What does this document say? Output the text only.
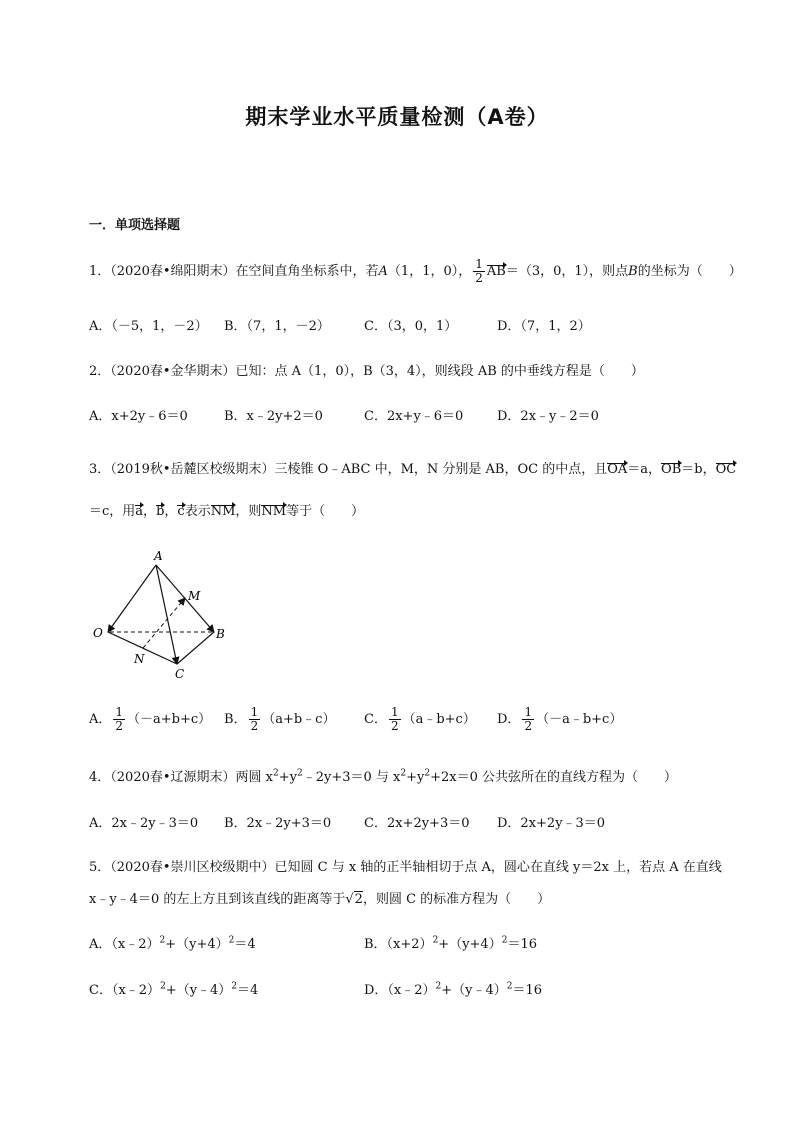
期末学业水平质量检测（A卷）
一．单项选择题
1．（2020春•绵阳期末）在空间直角坐标系中，若A（1，1，0）， $\frac{1}{2} AB=(3$，0，1），则点B的坐标为（　　）
A．（－5，1，－2） B．（7，1，－2）	C．（3，0，1）	D．（7，1，2）
2．（2020春•金华期末）已知：点 A（1，0），B（3，4），则线段 AB 的中垂线方程是（　　）
A．x+2y﹣6＝0	B．x﹣2y+2＝0	C．2x+y﹣6＝0	D．2x﹣y﹣2＝0
3．（2019秋•岳麓区校级期末）三棱锥 O﹣ABC 中，M，N 分别是 AB，OC 的中点，且OA＝a，OB＝b，OC
＝c，用a，b，c表示NM，则NM等于（　　）
A
M
O	B
N
C
A． $\frac{1}{2} (-a+b+c)$ B． $\frac{1}{2}$ （a+b﹣c） C． $\frac{1}{2}$ （a﹣b+c） D． $\frac{1}{2}$ （－a﹣b+c）
4．（2020春•辽源期末）两圆 $x^2+y^2﹣2y+3=0$ 与 $x^2+y^2+2x=0$ 公共弦所在的直线方程为（　　）
A．2x﹣2y﹣3＝0 B．2x﹣2y+3＝0	C．2x+2y+3＝0 D．2x+2y﹣3＝0
5．（2020春•崇川区校级期中）已知圆 C 与 x 轴的正半轴相切于点 A，圆心在直线 y＝2x 上，若点 A 在直线
x﹣y﹣4＝0 的左上方且到该直线的距离等于√2，则圆 C 的标准方程为（　　）
A．$(x﹣2)^2+(y+4)^2=4$	B．$(x+2)^2+(y+4)^2=16$
C．（x﹣2）$^2$+（y﹣4）$^2$＝4	D．（x﹣2）$^2$+（y﹣4）$^2$＝16
